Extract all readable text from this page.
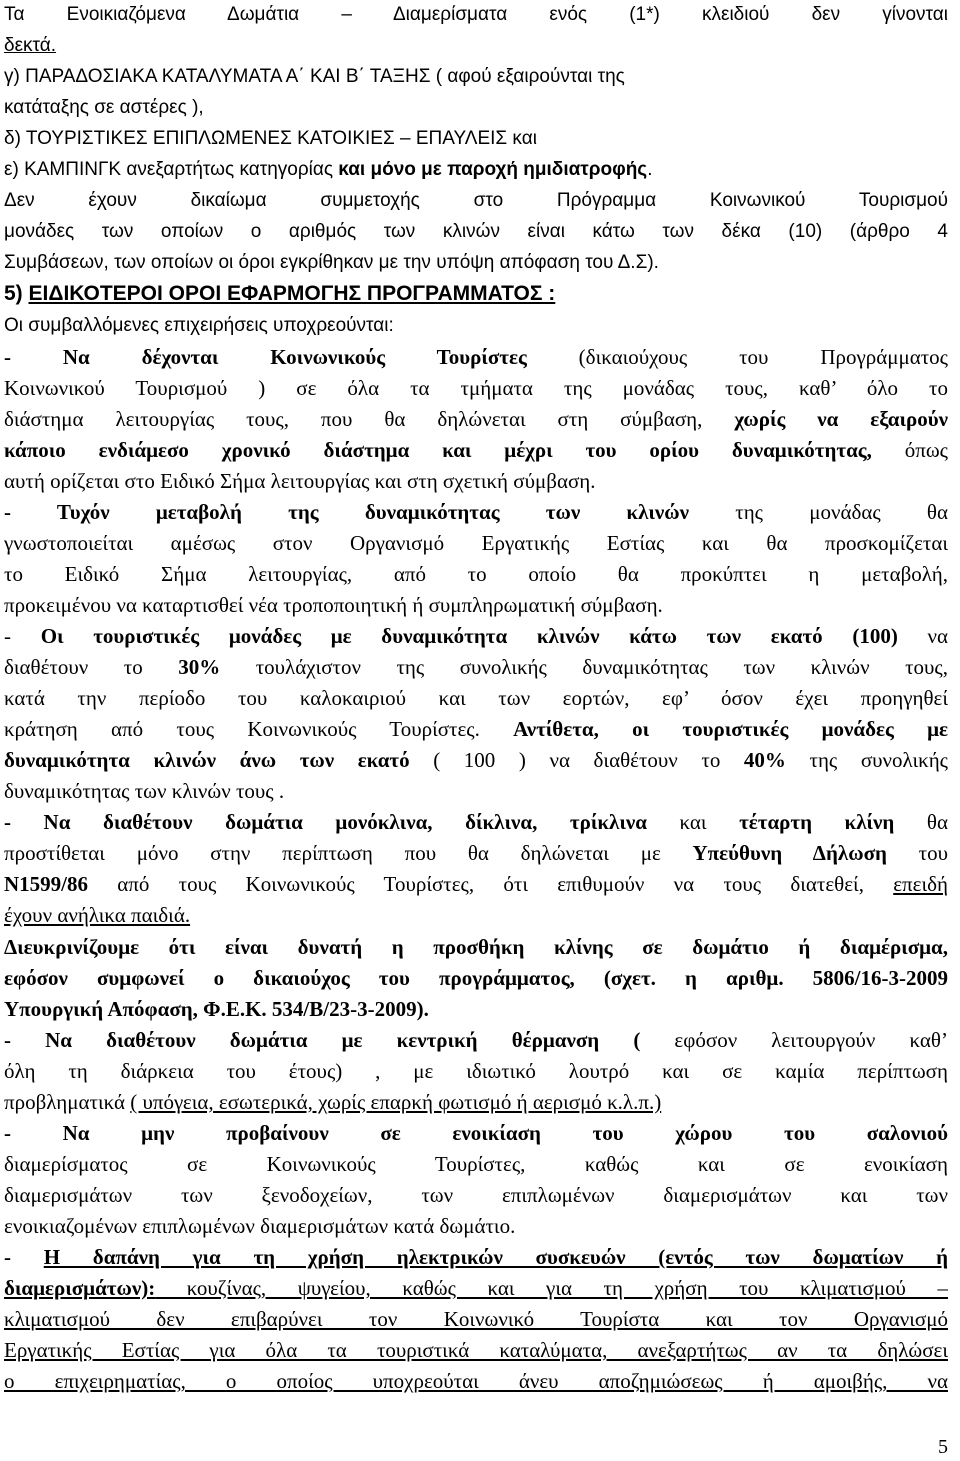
Τα Ενοικιαζόμενα Δωμάτια – Διαμερίσματα ενός (1*) κλειδιού δεν γίνονται
δεκτά.
γ) ΠΑΡΑΔΟΣΙΑΚΑ ΚΑΤΑΛΥΜΑΤΑ Α΄ ΚΑΙ Β΄ ΤΑΞΗΣ ( αφού εξαιρούνται της
κατάταξης σε αστέρες ),
δ) ΤΟΥΡΙΣΤΙΚΕΣ ΕΠΙΠΛΩΜΕΝΕΣ ΚΑΤΟΙΚΙΕΣ – ΕΠΑΥΛΕΙΣ και
ε) ΚΑΜΠΙΝΓΚ ανεξαρτήτως κατηγορίας και μόνο με παροχή ημιδιατροφής.
Δεν έχουν δικαίωμα συμμετοχής στο Πρόγραμμα Κοινωνικού Τουρισμού
μονάδες των οποίων ο αριθμός των κλινών είναι κάτω των δέκα (10) (άρθρο 4
Συμβάσεων, των οποίων οι όροι εγκρίθηκαν με την υπόψη απόφαση του Δ.Σ).
5) ΕΙΔΙΚΟΤΕΡΟΙ ΟΡΟΙ ΕΦΑΡΜΟΓΗΣ ΠΡΟΓΡΑΜΜΑΤΟΣ :
Οι συμβαλλόμενες επιχειρήσεις υποχρεούνται:
- Να δέχονται Κοινωνικούς Τουρίστες (δικαιούχους του Προγράμματος
Κοινωνικού Τουρισμού ) σε όλα τα τμήματα της μονάδας τους, καθ’ όλο το
διάστημα λειτουργίας τους, που θα δηλώνεται στη σύμβαση, χωρίς να εξαιρούν
κάποιο ενδιάμεσο χρονικό διάστημα και μέχρι του ορίου δυναμικότητας, όπως
αυτή ορίζεται στο Ειδικό Σήμα λειτουργίας και στη σχετική σύμβαση.
- Τυχόν μεταβολή της δυναμικότητας των κλινών της μονάδας θα
γνωστοποιείται αμέσως στον Οργανισμό Εργατικής Εστίας και θα προσκομίζεται
το Ειδικό Σήμα λειτουργίας, από το οποίο θα προκύπτει η μεταβολή,
προκειμένου να καταρτισθεί νέα τροποποιητική ή συμπληρωματική σύμβαση.
- Οι τουριστικές μονάδες με δυναμικότητα κλινών κάτω των εκατό (100) να
διαθέτουν το 30% τουλάχιστον της συνολικής δυναμικότητας των κλινών τους,
κατά την περίοδο του καλοκαιριού και των εορτών, εφ’ όσον έχει προηγηθεί
κράτηση από τους Κοινωνικούς Τουρίστες. Αντίθετα, οι τουριστικές μονάδες με
δυναμικότητα κλινών άνω των εκατό ( 100 ) να διαθέτουν το 40% της συνολικής
δυναμικότητας των κλινών τους .
- Να διαθέτουν δωμάτια μονόκλινα, δίκλινα, τρίκλινα και τέταρτη κλίνη θα
προστίθεται μόνο στην περίπτωση που θα δηλώνεται με Υπεύθυνη Δήλωση του
Ν1599/86 από τους Κοινωνικούς Τουρίστες, ότι επιθυμούν να τους διατεθεί, επειδή
έχουν ανήλικα παιδιά.
Διευκρινίζουμε ότι είναι δυνατή η προσθήκη κλίνης σε δωμάτιο ή διαμέρισμα,
εφόσον συμφωνεί ο δικαιούχος του προγράμματος, (σχετ. η αριθμ. 5806/16-3-2009
Υπουργική Απόφαση, Φ.Ε.Κ. 534/Β/23-3-2009).
- Να διαθέτουν δωμάτια με κεντρική θέρμανση ( εφόσον λειτουργούν καθ’
όλη τη διάρκεια του έτους) , με ιδιωτικό λουτρό και σε καμία περίπτωση
προβληματικά ( υπόγεια, εσωτερικά, χωρίς επαρκή φωτισμό ή αερισμό κ.λ.π.)
- Να μην προβαίνουν σε ενοικίαση του χώρου του σαλονιού
διαμερίσματος σε Κοινωνικούς Τουρίστες, καθώς και σε ενοικίαση
διαμερισμάτων των ξενοδοχείων, των επιπλωμένων διαμερισμάτων και των
ενοικιαζομένων επιπλωμένων διαμερισμάτων κατά δωμάτιο.
- Η δαπάνη για τη χρήση ηλεκτρικών συσκευών (εντός των δωματίων ή
διαμερισμάτων): κουζίνας, ψυγείου, καθώς και για τη χρήση του κλιματισμού –
κλιματισμού δεν επιβαρύνει τον Κοινωνικό Τουρίστα και τον Οργανισμό
Εργατικής Εστίας για όλα τα τουριστικά καταλύματα, ανεξαρτήτως αν τα δηλώσει
ο επιχειρηματίας, ο οποίος υποχρεούται άνευ αποζημιώσεως ή αμοιβής, να
5
